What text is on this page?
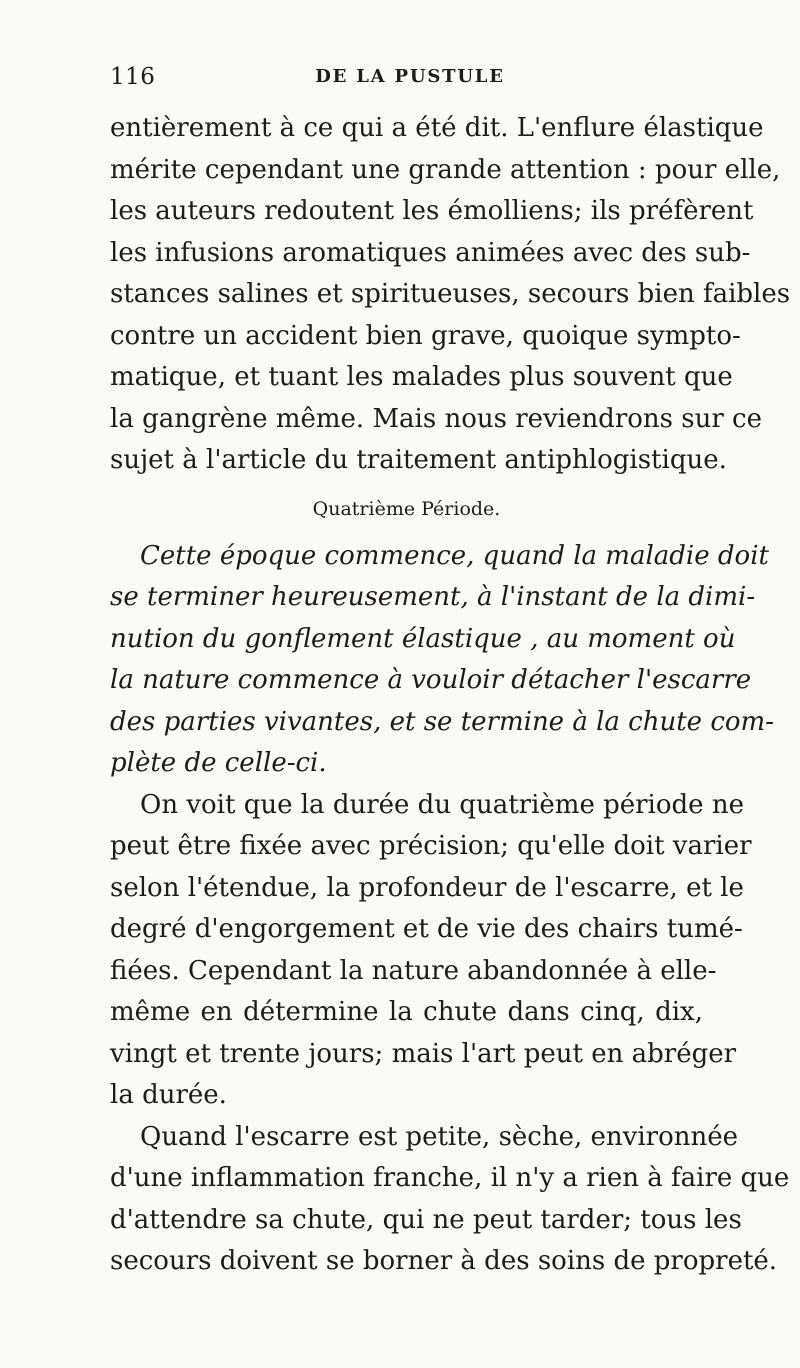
116	DE LA PUSTULE
entièrement à ce qui a été dit. L'enflure élastique
mérite cependant une grande attention : pour elle,
les auteurs redoutent les émolliens; ils préfèrent
les infusions aromatiques animées avec des sub-
stances salines et spiritueuses, secours bien faibles
contre un accident bien grave, quoique sympto-
matique, et tuant les malades plus souvent que
la gangrène même. Mais nous reviendrons sur ce
sujet à l'article du traitement antiphlogistique.
Quatrième Période.
Cette époque commence, quand la maladie doit
se terminer heureusement, à l'instant de la dimi-
nution du gonflement élastique , au moment où
la nature commence à vouloir détacher l'escarre
des parties vivantes, et se termine à la chute com-
plète de celle-ci.
On voit que la durée du quatrième période ne
peut être fixée avec précision; qu'elle doit varier
selon l'étendue, la profondeur de l'escarre, et le
degré d'engorgement et de vie des chairs tumé-
fiées. Cependant la nature abandonnée à elle-
même en détermine la chute dans cinq, dix,
vingt et trente jours; mais l'art peut en abréger
la durée.
Quand l'escarre est petite, sèche, environnée
d'une inflammation franche, il n'y a rien à faire que
d'attendre sa chute, qui ne peut tarder; tous les
secours doivent se borner à des soins de propreté.
